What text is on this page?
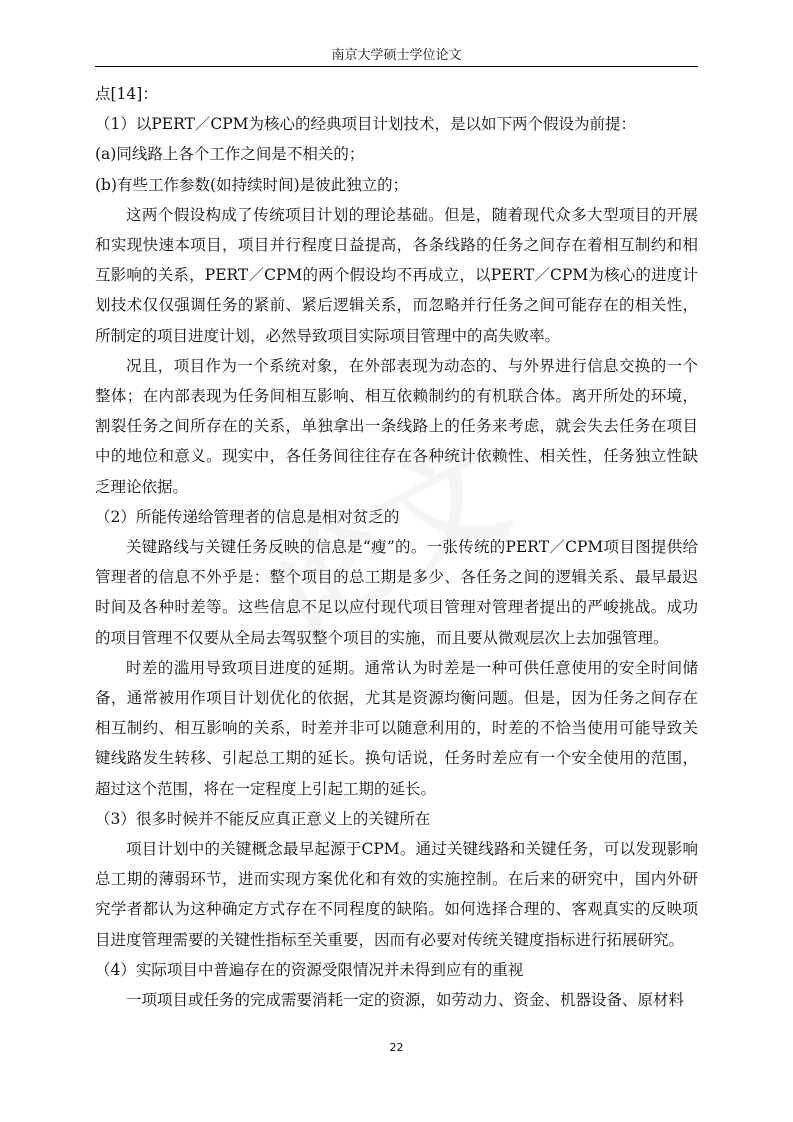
南京大学硕士学位论文

点[14]：

（1）以PERT／CPM为核心的经典项目计划技术，是以如下两个假设为前提：

(a)同线路上各个工作之间是不相关的；

(b)有些工作参数(如持续时间)是彼此独立的；

这两个假设构成了传统项目计划的理论基础。但是，随着现代众多大型项目的开展和实现快速本项目，项目并行程度日益提高，各条线路的任务之间存在着相互制约和相互影响的关系，PERT／CPM的两个假设均不再成立，以PERT／CPM为核心的进度计划技术仅仅强调任务的紧前、紧后逻辑关系，而忽略并行任务之间可能存在的相关性，所制定的项目进度计划，必然导致项目实际项目管理中的高失败率。

况且，项目作为一个系统对象，在外部表现为动态的、与外界进行信息交换的一个整体；在内部表现为任务间相互影响、相互依赖制约的有机联合体。离开所处的环境，割裂任务之间所存在的关系，单独拿出一条线路上的任务来考虑，就会失去任务在项目中的地位和意义。现实中，各任务间往往存在各种统计依赖性、相关性，任务独立性缺乏理论依据。

（2）所能传递给管理者的信息是相对贫乏的

关键路线与关键任务反映的信息是“瘦”的。一张传统的PERT／CPM项目图提供给管理者的信息不外乎是：整个项目的总工期是多少、各任务之间的逻辑关系、最早最迟时间及各种时差等。这些信息不足以应付现代项目管理对管理者提出的严峻挑战。成功的项目管理不仅要从全局去驾驭整个项目的实施，而且要从微观层次上去加强管理。

时差的滥用导致项目进度的延期。通常认为时差是一种可供任意使用的安全时间储备，通常被用作项目计划优化的依据，尤其是资源均衡问题。但是，因为任务之间存在相互制约、相互影响的关系，时差并非可以随意利用的，时差的不恰当使用可能导致关键线路发生转移、引起总工期的延长。换句话说，任务时差应有一个安全使用的范围，超过这个范围，将在一定程度上引起工期的延长。

（3）很多时候并不能反应真正意义上的关键所在

项目计划中的关键概念最早起源于CPM。通过关键线路和关键任务，可以发现影响总工期的薄弱环节，进而实现方案优化和有效的实施控制。在后来的研究中，国内外研究学者都认为这种确定方式存在不同程度的缺陷。如何选择合理的、客观真实的反映项目进度管理需要的关键性指标至关重要，因而有必要对传统关键度指标进行拓展研究。

（4）实际项目中普遍存在的资源受限情况并未得到应有的重视

一项项目或任务的完成需要消耗一定的资源，如劳动力、资金、机器设备、原材料

22
